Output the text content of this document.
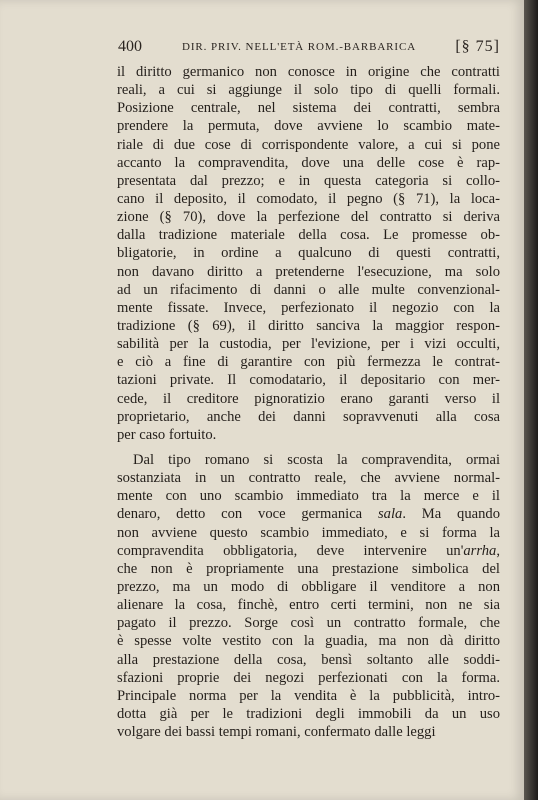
400	DIR. PRIV. NELL'ETÀ ROM.-BARBARICA [§ 75]
il diritto germanico non conosce in origine che contratti
reali, a cui si aggiunge il solo tipo di quelli formali.
Posizione centrale, nel sistema dei contratti, sembra
prendere la permuta, dove avviene lo scambio mate-
riale di due cose di corrispondente valore, a cui si pone
accanto la compravendita, dove una delle cose è rap-
presentata dal prezzo; e in questa categoria si collo-
cano il deposito, il comodato, il pegno (§ 71), la loca-
zione (§ 70), dove la perfezione del contratto si deriva
dalla tradizione materiale della cosa. Le promesse ob-
bligatorie, in ordine a qualcuno di questi contratti,
non davano diritto a pretenderne l'esecuzione, ma solo
ad un rifacimento di danni o alle multe convenzional-
mente fissate. Invece, perfezionato il negozio con la
tradizione (§ 69), il diritto sanciva la maggior respon-
sabilità per la custodia, per l'evizione, per i vizi occulti,
e ciò a fine di garantire con più fermezza le contrat-
tazioni private. Il comodatario, il depositario con mer-
cede, il creditore pignoratizio erano garanti verso il
proprietario, anche dei danni sopravvenuti alla cosa
per caso fortuito.
Dal tipo romano si scosta la compravendita, ormai
sostanziata in un contratto reale, che avviene normal-
mente con uno scambio immediato tra la merce e il
denaro, detto con voce germanica sala. Ma quando
non avviene questo scambio immediato, e si forma la
compravendita obbligatoria, deve intervenire un'arrha,
che non è propriamente una prestazione simbolica del
prezzo, ma un modo di obbligare il venditore a non
alienare la cosa, finchè, entro certi termini, non ne sia
pagato il prezzo. Sorge così un contratto formale, che
è spesse volte vestito con la guadia, ma non dà diritto
alla prestazione della cosa, bensì soltanto alle soddi-
sfazioni proprie dei negozi perfezionati con la forma.
Principale norma per la vendita è la pubblicità, intro-
dotta già per le tradizioni degli immobili da un uso
volgare dei bassi tempi romani, confermato dalle leggi
